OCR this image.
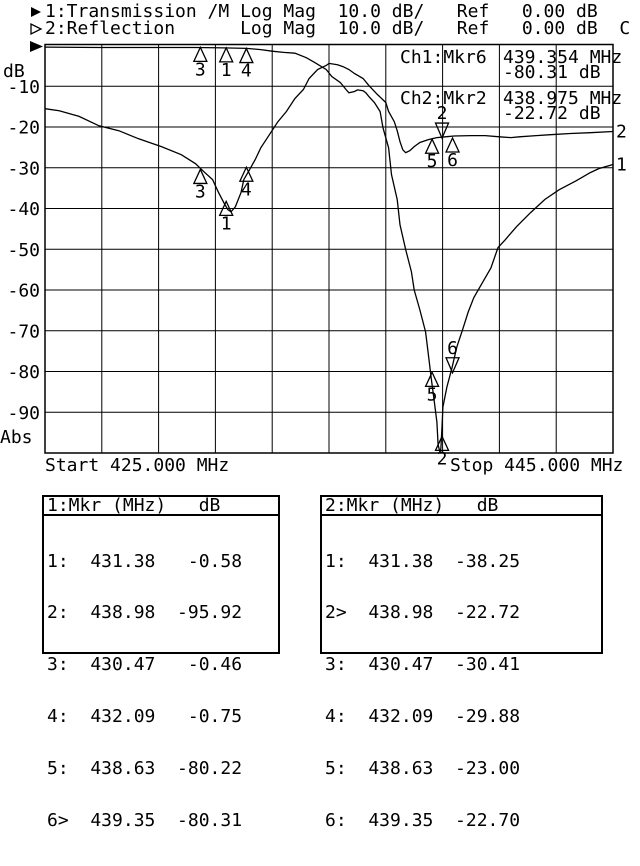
-10
-20
-30
-40
-50
-60
-70
-80
-90
1
2
1
2
3 4
5
6
1
2
3 4
5 6
1:Transmission /M Log Mag  10.0 dB/   Ref   0.00 dB
2:Reflection      Log Mag  10.0 dB/   Ref   0.00 dB  C
dB
Abs
Ch1:Mkr6 439.354 MHz
-80.31 dB
Ch2:Mkr2 438.975 MHz
-22.72 dB
Start 425.000 MHz	Stop 445.000 MHz
1:Mkr (MHz)   dB

1:  431.38   -0.58

2:  438.98  -95.92

3:  430.47   -0.46

4:  432.09   -0.75

5:  438.63  -80.22

6>  439.35  -80.31

2:Mkr (MHz)   dB

1:  431.38  -38.25

2>  438.98  -22.72

3:  430.47  -30.41

4:  432.09  -29.88

5:  438.63  -23.00

6:  439.35  -22.70
